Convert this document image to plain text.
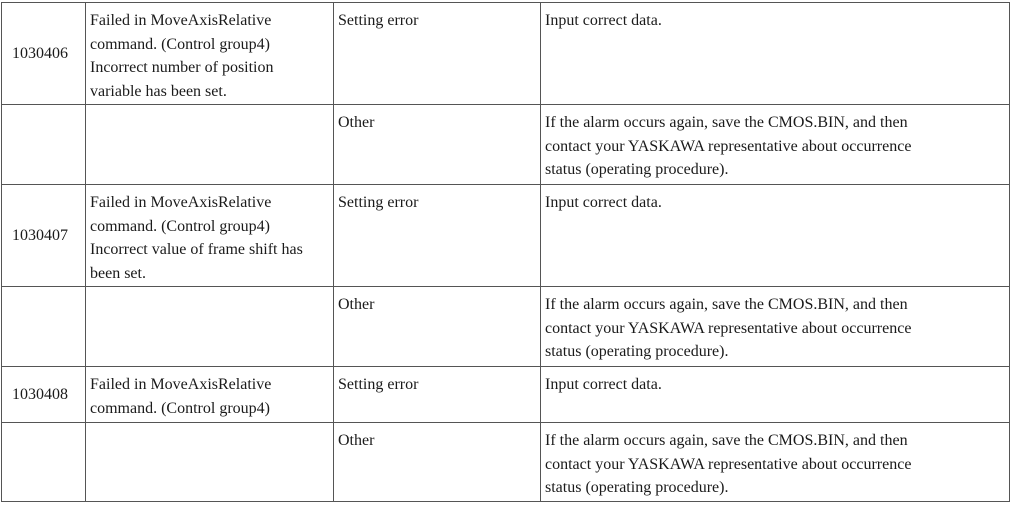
1030406	Failed in MoveAxisRelative
command. (Control group4)
Incorrect number of position
variable has been set.	Setting error	Input correct data.

		Other	If the alarm occurs again, save the CMOS.BIN, and then
contact your YASKAWA representative about occurrence
status (operating procedure).

1030407	Failed in MoveAxisRelative
command. (Control group4)
Incorrect value of frame shift has
been set.	Setting error	Input correct data.

		Other	If the alarm occurs again, save the CMOS.BIN, and then
contact your YASKAWA representative about occurrence
status (operating procedure).

1030408	Failed in MoveAxisRelative
command. (Control group4)	Setting error	Input correct data.

		Other	If the alarm occurs again, save the CMOS.BIN, and then
contact your YASKAWA representative about occurrence
status (operating procedure).
